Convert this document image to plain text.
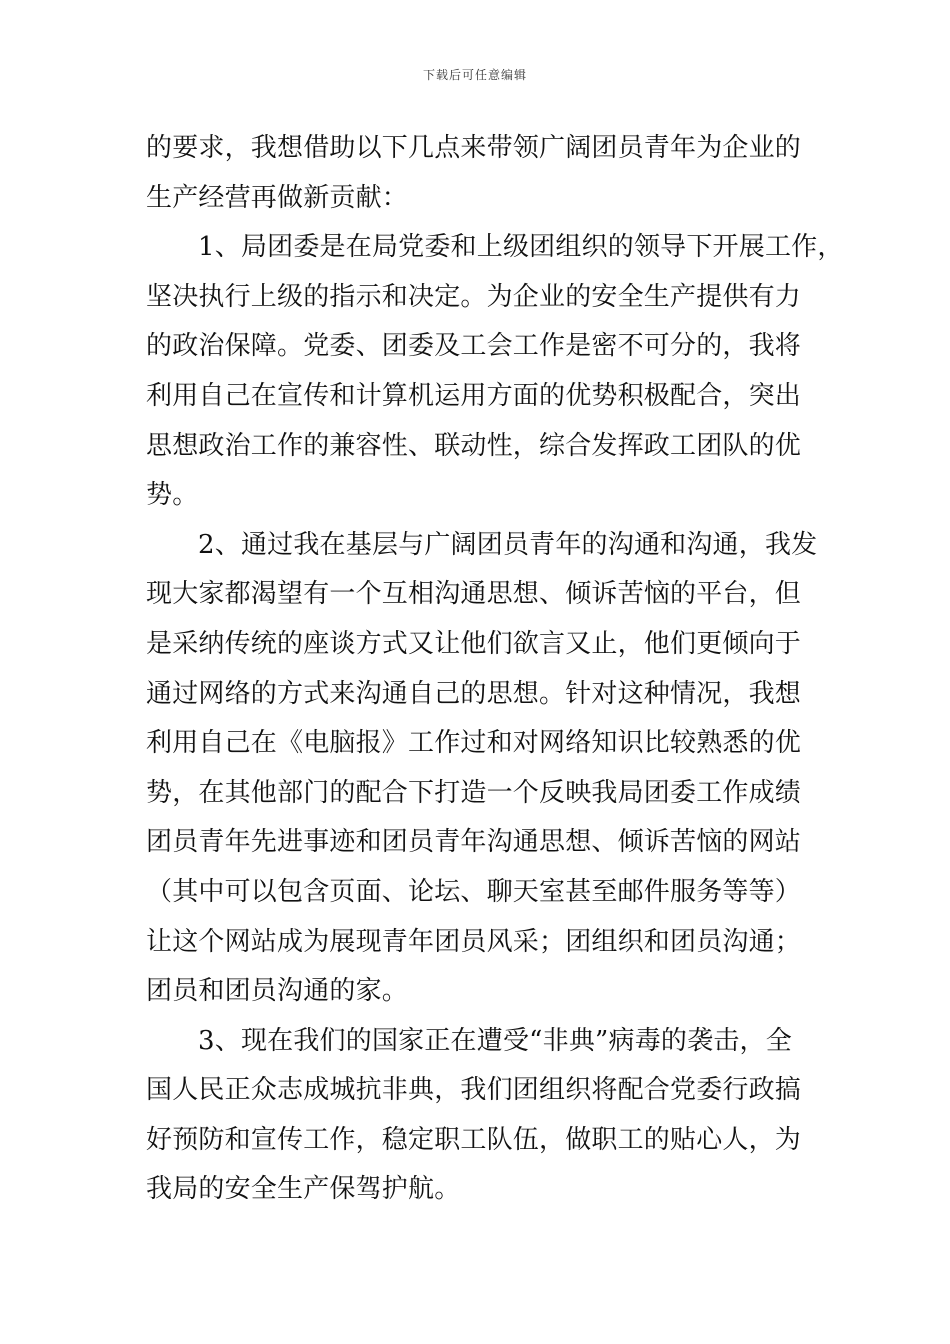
下载后可任意编辑
的要求，我想借助以下几点来带领广阔团员青年为企业的
生产经营再做新贡献：
1、局团委是在局党委和上级团组织的领导下开展工作，
坚决执行上级的指示和决定。为企业的安全生产提供有力
的政治保障。党委、团委及工会工作是密不可分的，我将
利用自己在宣传和计算机运用方面的优势积极配合，突出
思想政治工作的兼容性、联动性，综合发挥政工团队的优
势。
2、通过我在基层与广阔团员青年的沟通和沟通，我发
现大家都渴望有一个互相沟通思想、倾诉苦恼的平台，但
是采纳传统的座谈方式又让他们欲言又止，他们更倾向于
通过网络的方式来沟通自己的思想。针对这种情况，我想
利用自己在《电脑报》工作过和对网络知识比较熟悉的优
势，在其他部门的配合下打造一个反映我局团委工作成绩
团员青年先进事迹和团员青年沟通思想、倾诉苦恼的网站
（其中可以包含页面、论坛、聊天室甚至邮件服务等等）
让这个网站成为展现青年团员风采；团组织和团员沟通；
团员和团员沟通的家。
3、现在我们的国家正在遭受“非典”病毒的袭击，全
国人民正众志成城抗非典，我们团组织将配合党委行政搞
好预防和宣传工作，稳定职工队伍，做职工的贴心人，为
我局的安全生产保驾护航。
